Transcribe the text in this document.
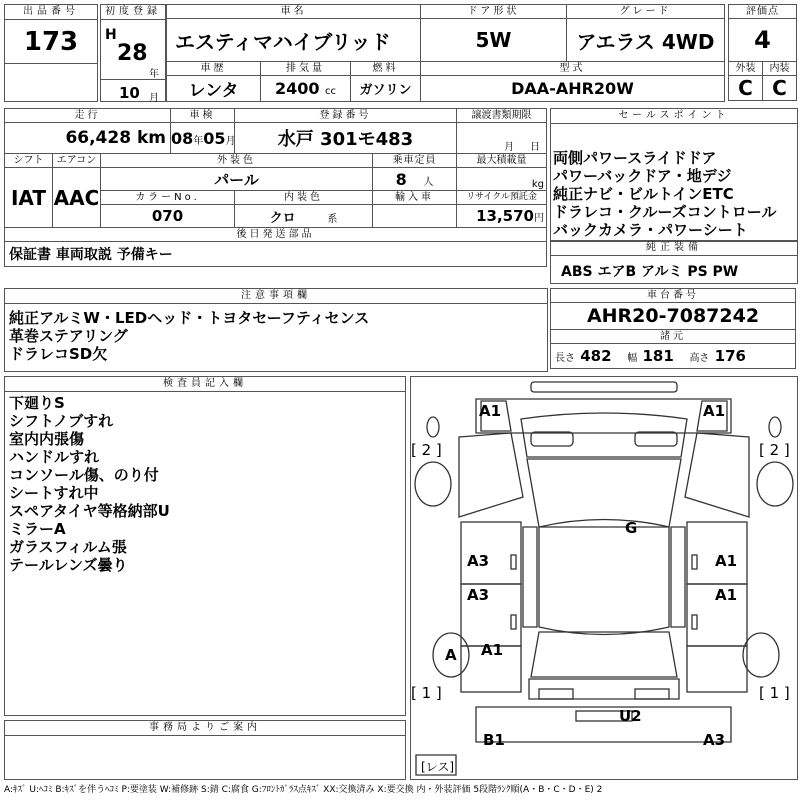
出品番号
173
初度登録
H
28
年
10 月
車名			ドア形状	グレード
エスティマハイブリッド			5W	アエラス 4WD
車歴	排気量	燃料	型式	
レンタ	2400 cc	ガソリン	DAA-AHR20W	
評価点	
4	
外装	内装
C	C
走行			車検	登録番号		譲渡書類期限
66,428 km			08年05月	水戸 301モ483		月 日
シフト	エアコン	外装色			乗車定員	最大積載量
IAT	AAC	パール			8 人	kg
		カラーNo.		内装色	輸入車	リサイクル預託金
		070		クロ 系		13,570円
後日発送部品						
保証書 車両取説 予備キー						
セールスポイント
両側パワースライドドア
パワーバックドア・地デジ
純正ナビ・ビルトインETC
ドラレコ・クルーズコントロール
バックカメラ・パワーシート
純正装備
ABS エアB アルミ PS PW
注意事項欄
純正アルミW・LEDヘッド・トヨタセーフティセンス
革巻ステアリング
ドラレコSD欠
車台番号
AHR20-7087242
諸元
長さ 482 幅 181 高さ 176
検査員記入欄
下廻りS
シフトノブすれ
室内内張傷
ハンドルすれ
コンソール傷、のり付
シートすれ中
スペアタイヤ等格納部U
ミラーA
ガラスフィルム張
テールレンズ曇り
事務局よりご案内
A1	A1
[ 2 ]	[ 2 ]
G
A3	A1
A3	A1
A A1
[ 1 ]	[ 1 ]
U2
B1	A3
[レス]
A:ｷｽﾞ U:ﾍｺﾐ B:ｷｽﾞを伴うﾍｺﾐ P:要塗装 W:補修跡 S:錆 C:腐食 G:ﾌﾛﾝﾄｶﾞﾗｽ点ｷｽﾞ XX:交換済み X:要交換 内・外装評価 5段階ﾗﾝｸ順(A・B・C・D・E) 2
